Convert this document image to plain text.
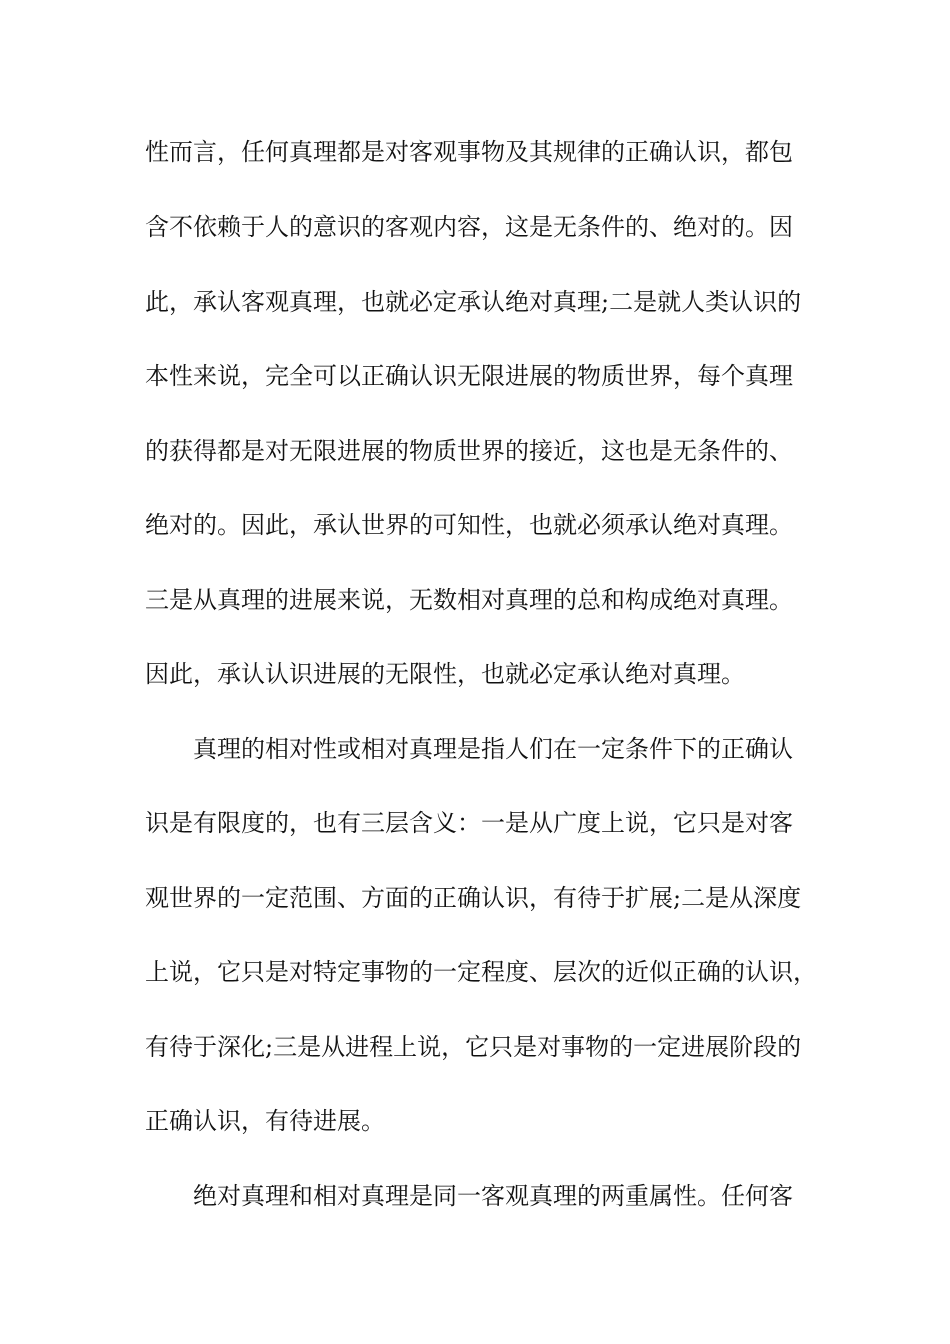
性而言，任何真理都是对客观事物及其规律的正确认识，都包
含不依赖于人的意识的客观内容，这是无条件的、绝对的。因
此，承认客观真理，也就必定承认绝对真理;二是就人类认识的
本性来说，完全可以正确认识无限进展的物质世界，每个真理
的获得都是对无限进展的物质世界的接近，这也是无条件的、
绝对的。因此，承认世界的可知性，也就必须承认绝对真理。
三是从真理的进展来说，无数相对真理的总和构成绝对真理。
因此，承认认识进展的无限性，也就必定承认绝对真理。
真理的相对性或相对真理是指人们在一定条件下的正确认
识是有限度的，也有三层含义：一是从广度上说，它只是对客
观世界的一定范围、方面的正确认识，有待于扩展;二是从深度
上说，它只是对特定事物的一定程度、层次的近似正确的认识，
有待于深化;三是从进程上说，它只是对事物的一定进展阶段的
正确认识，有待进展。
绝对真理和相对真理是同一客观真理的两重属性。任何客
